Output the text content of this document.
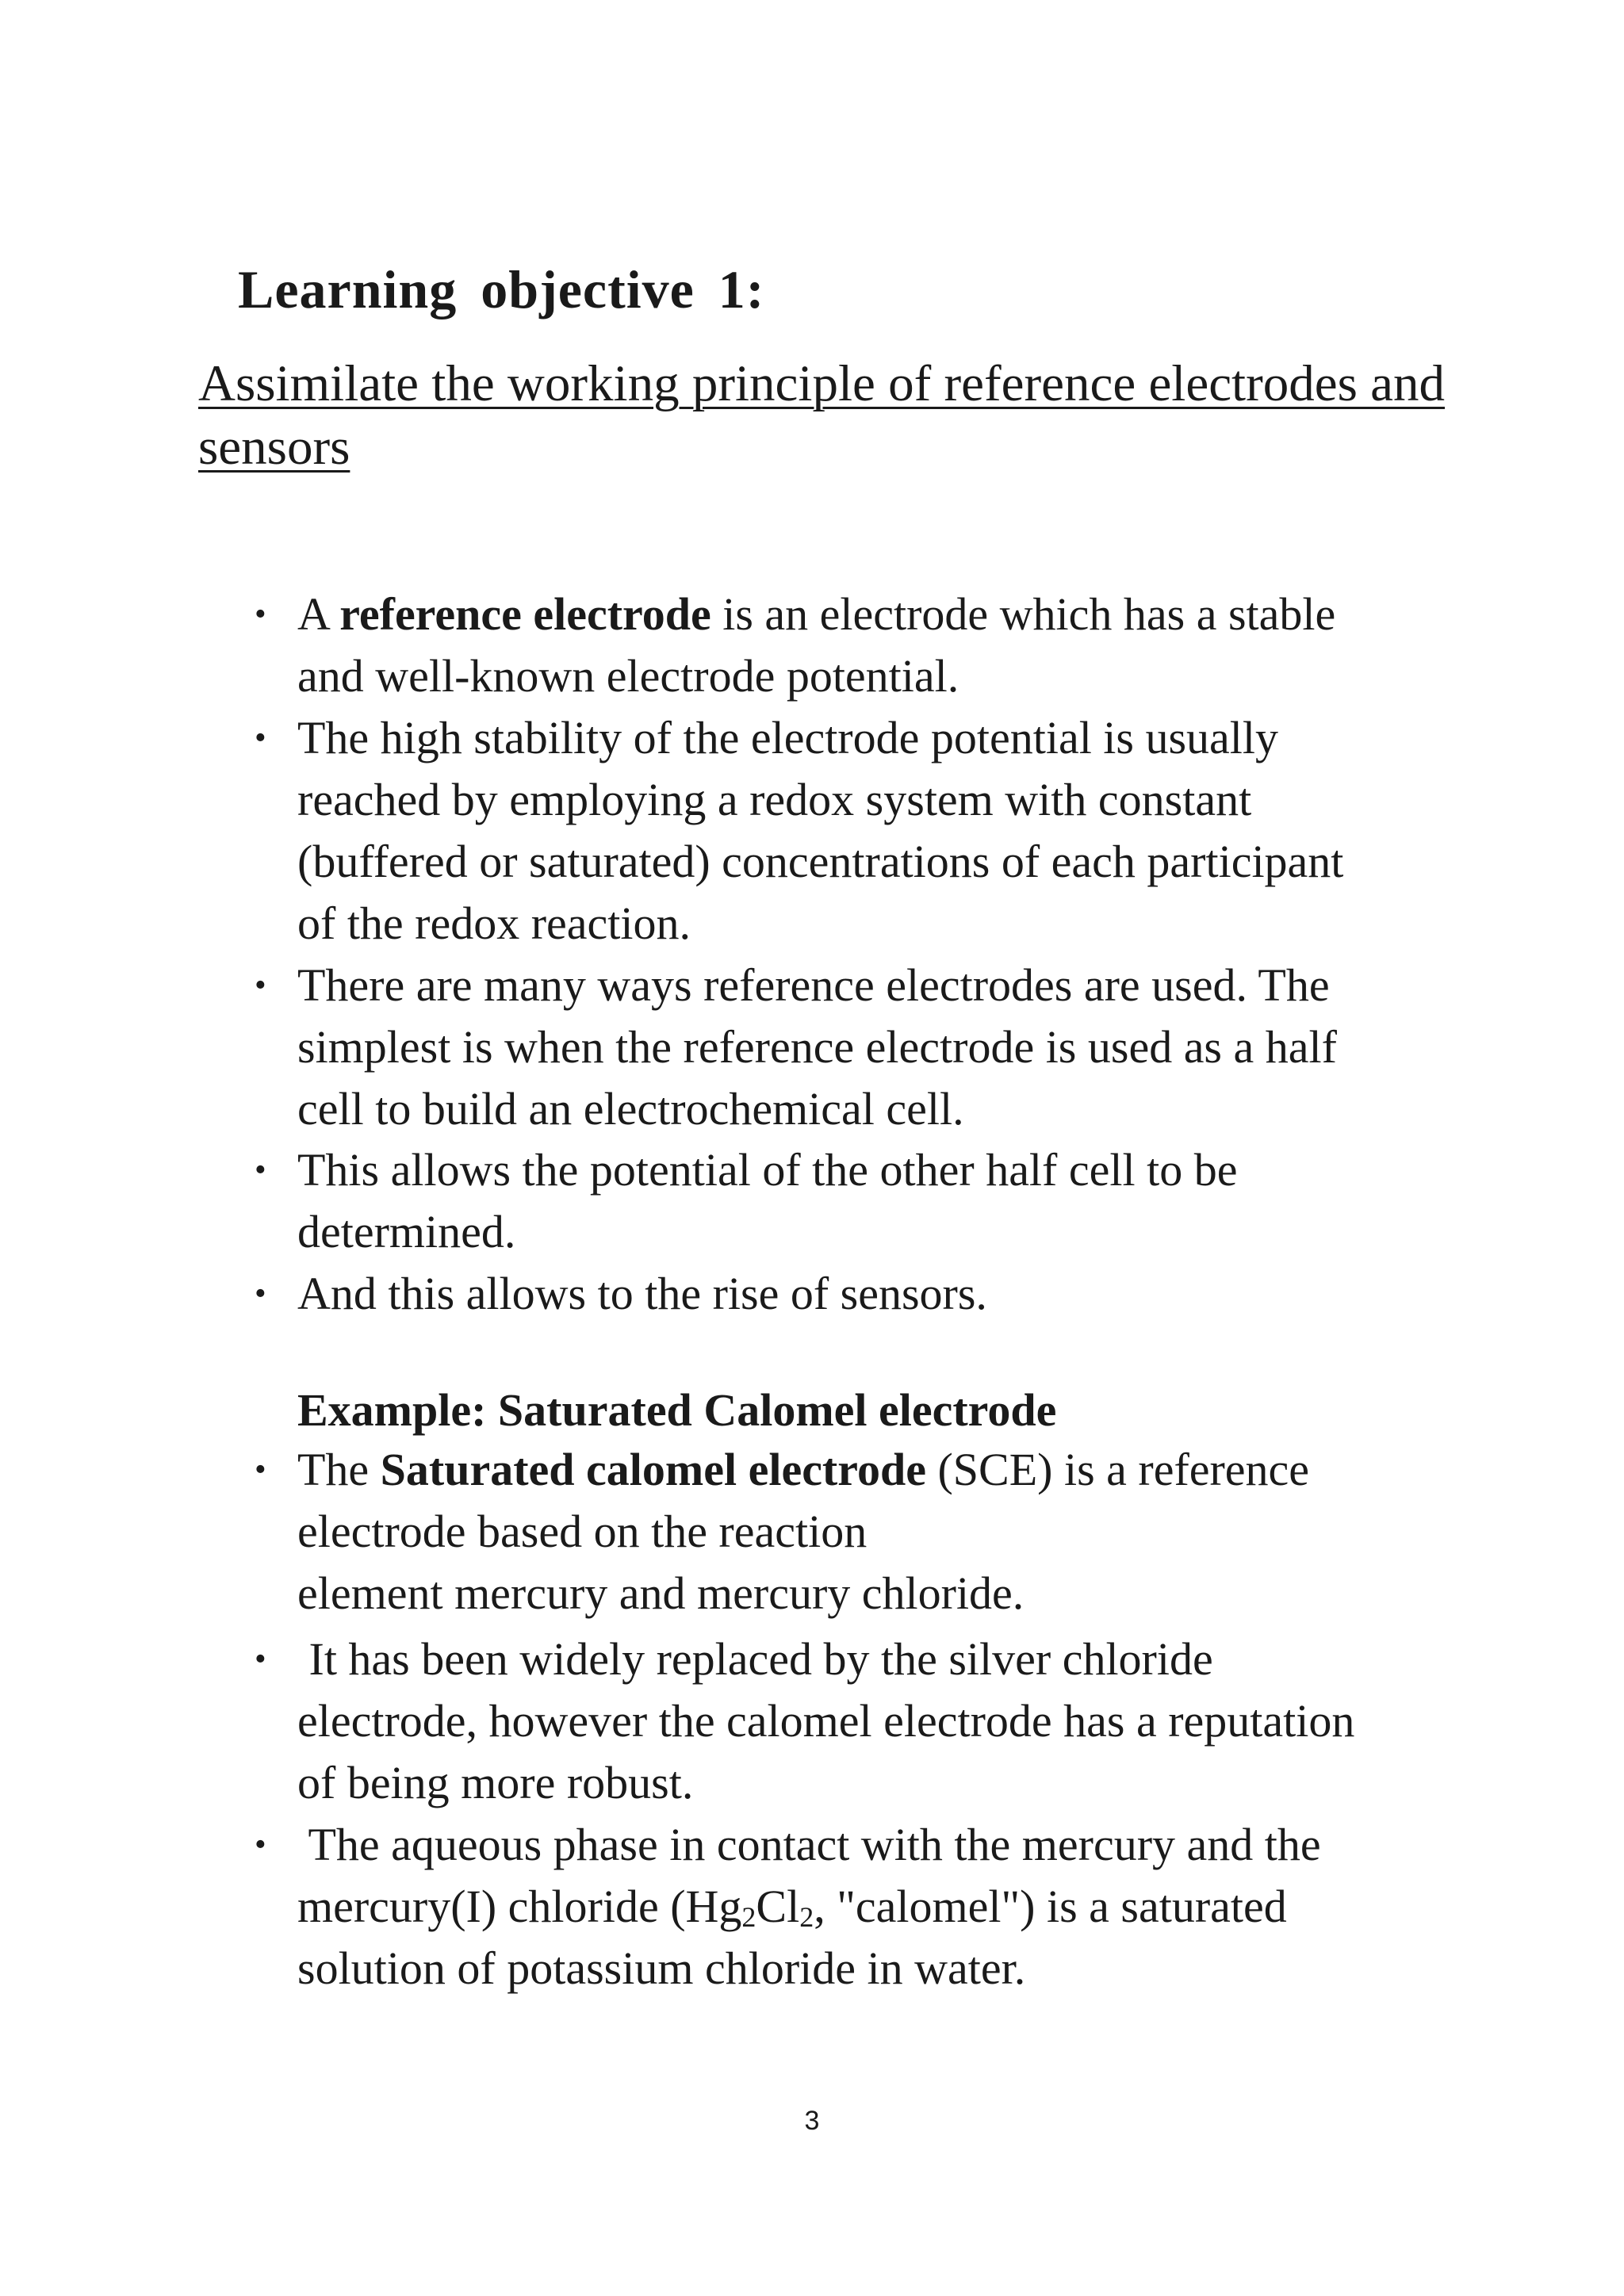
Learning objective 1:

Assimilate the working principle of reference electrodes and sensors

• A reference electrode is an electrode which has a stable
and well-known electrode potential.
• The high stability of the electrode potential is usually
reached by employing a redox system with constant
(buffered or saturated) concentrations of each participant
of the redox reaction.
• There are many ways reference electrodes are used. The
simplest is when the reference electrode is used as a half
cell to build an electrochemical cell.
• This allows the potential of the other half cell to be
determined.
• And this allows to the rise of sensors.
• The Saturated calomel electrode (SCE) is a reference
electrode based on the reaction
element mercury and mercury chloride.
• It has been widely replaced by the silver chloride
electrode, however the calomel electrode has a reputation
of being more robust.
• The aqueous phase in contact with the mercury and the
mercury(I) chloride ($Hg_2Cl_2$, "calomel") is a saturated
solution of potassium chloride in water.

Example: Saturated Calomel electrode

3
